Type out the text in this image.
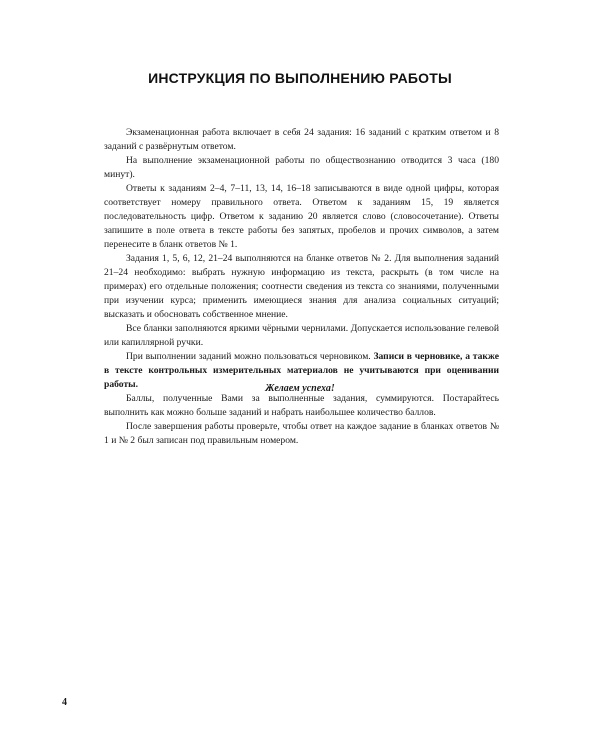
ИНСТРУКЦИЯ ПО ВЫПОЛНЕНИЮ РАБОТЫ

Экзаменационная работа включает в себя 24 задания: 16 заданий с кратким ответом и 8 заданий с развёрнутым ответом.

На выполнение экзаменационной работы по обществознанию отводится 3 часа (180 минут).

Ответы к заданиям 2–4, 7–11, 13, 14, 16–18 записываются в виде одной цифры, которая соответствует номеру правильного ответа. Ответом к заданиям 15, 19 является последовательность цифр. Ответом к заданию 20 является слово (словосочетание). Ответы запишите в поле ответа в тексте работы без запятых, пробелов и прочих символов, а затем перенесите в бланк ответов № 1.

Задания 1, 5, 6, 12, 21–24 выполняются на бланке ответов № 2. Для выполнения заданий 21–24 необходимо: выбрать нужную информацию из текста, раскрыть (в том числе на примерах) его отдельные положения; соотнести сведения из текста со знаниями, полученными при изучении курса; применить имеющиеся знания для анализа социальных ситуаций; высказать и обосновать собственное мнение.

Все бланки заполняются яркими чёрными чернилами. Допускается использование гелевой или капиллярной ручки.

При выполнении заданий можно пользоваться черновиком. Записи в черновике, а также в тексте контрольных измерительных материалов не учитываются при оценивании работы.

Баллы, полученные Вами за выполненные задания, суммируются. Постарайтесь выполнить как можно больше заданий и набрать наибольшее количество баллов.

После завершения работы проверьте, чтобы ответ на каждое задание в бланках ответов № 1 и № 2 был записан под правильным номером.

Желаем успеха!
4
